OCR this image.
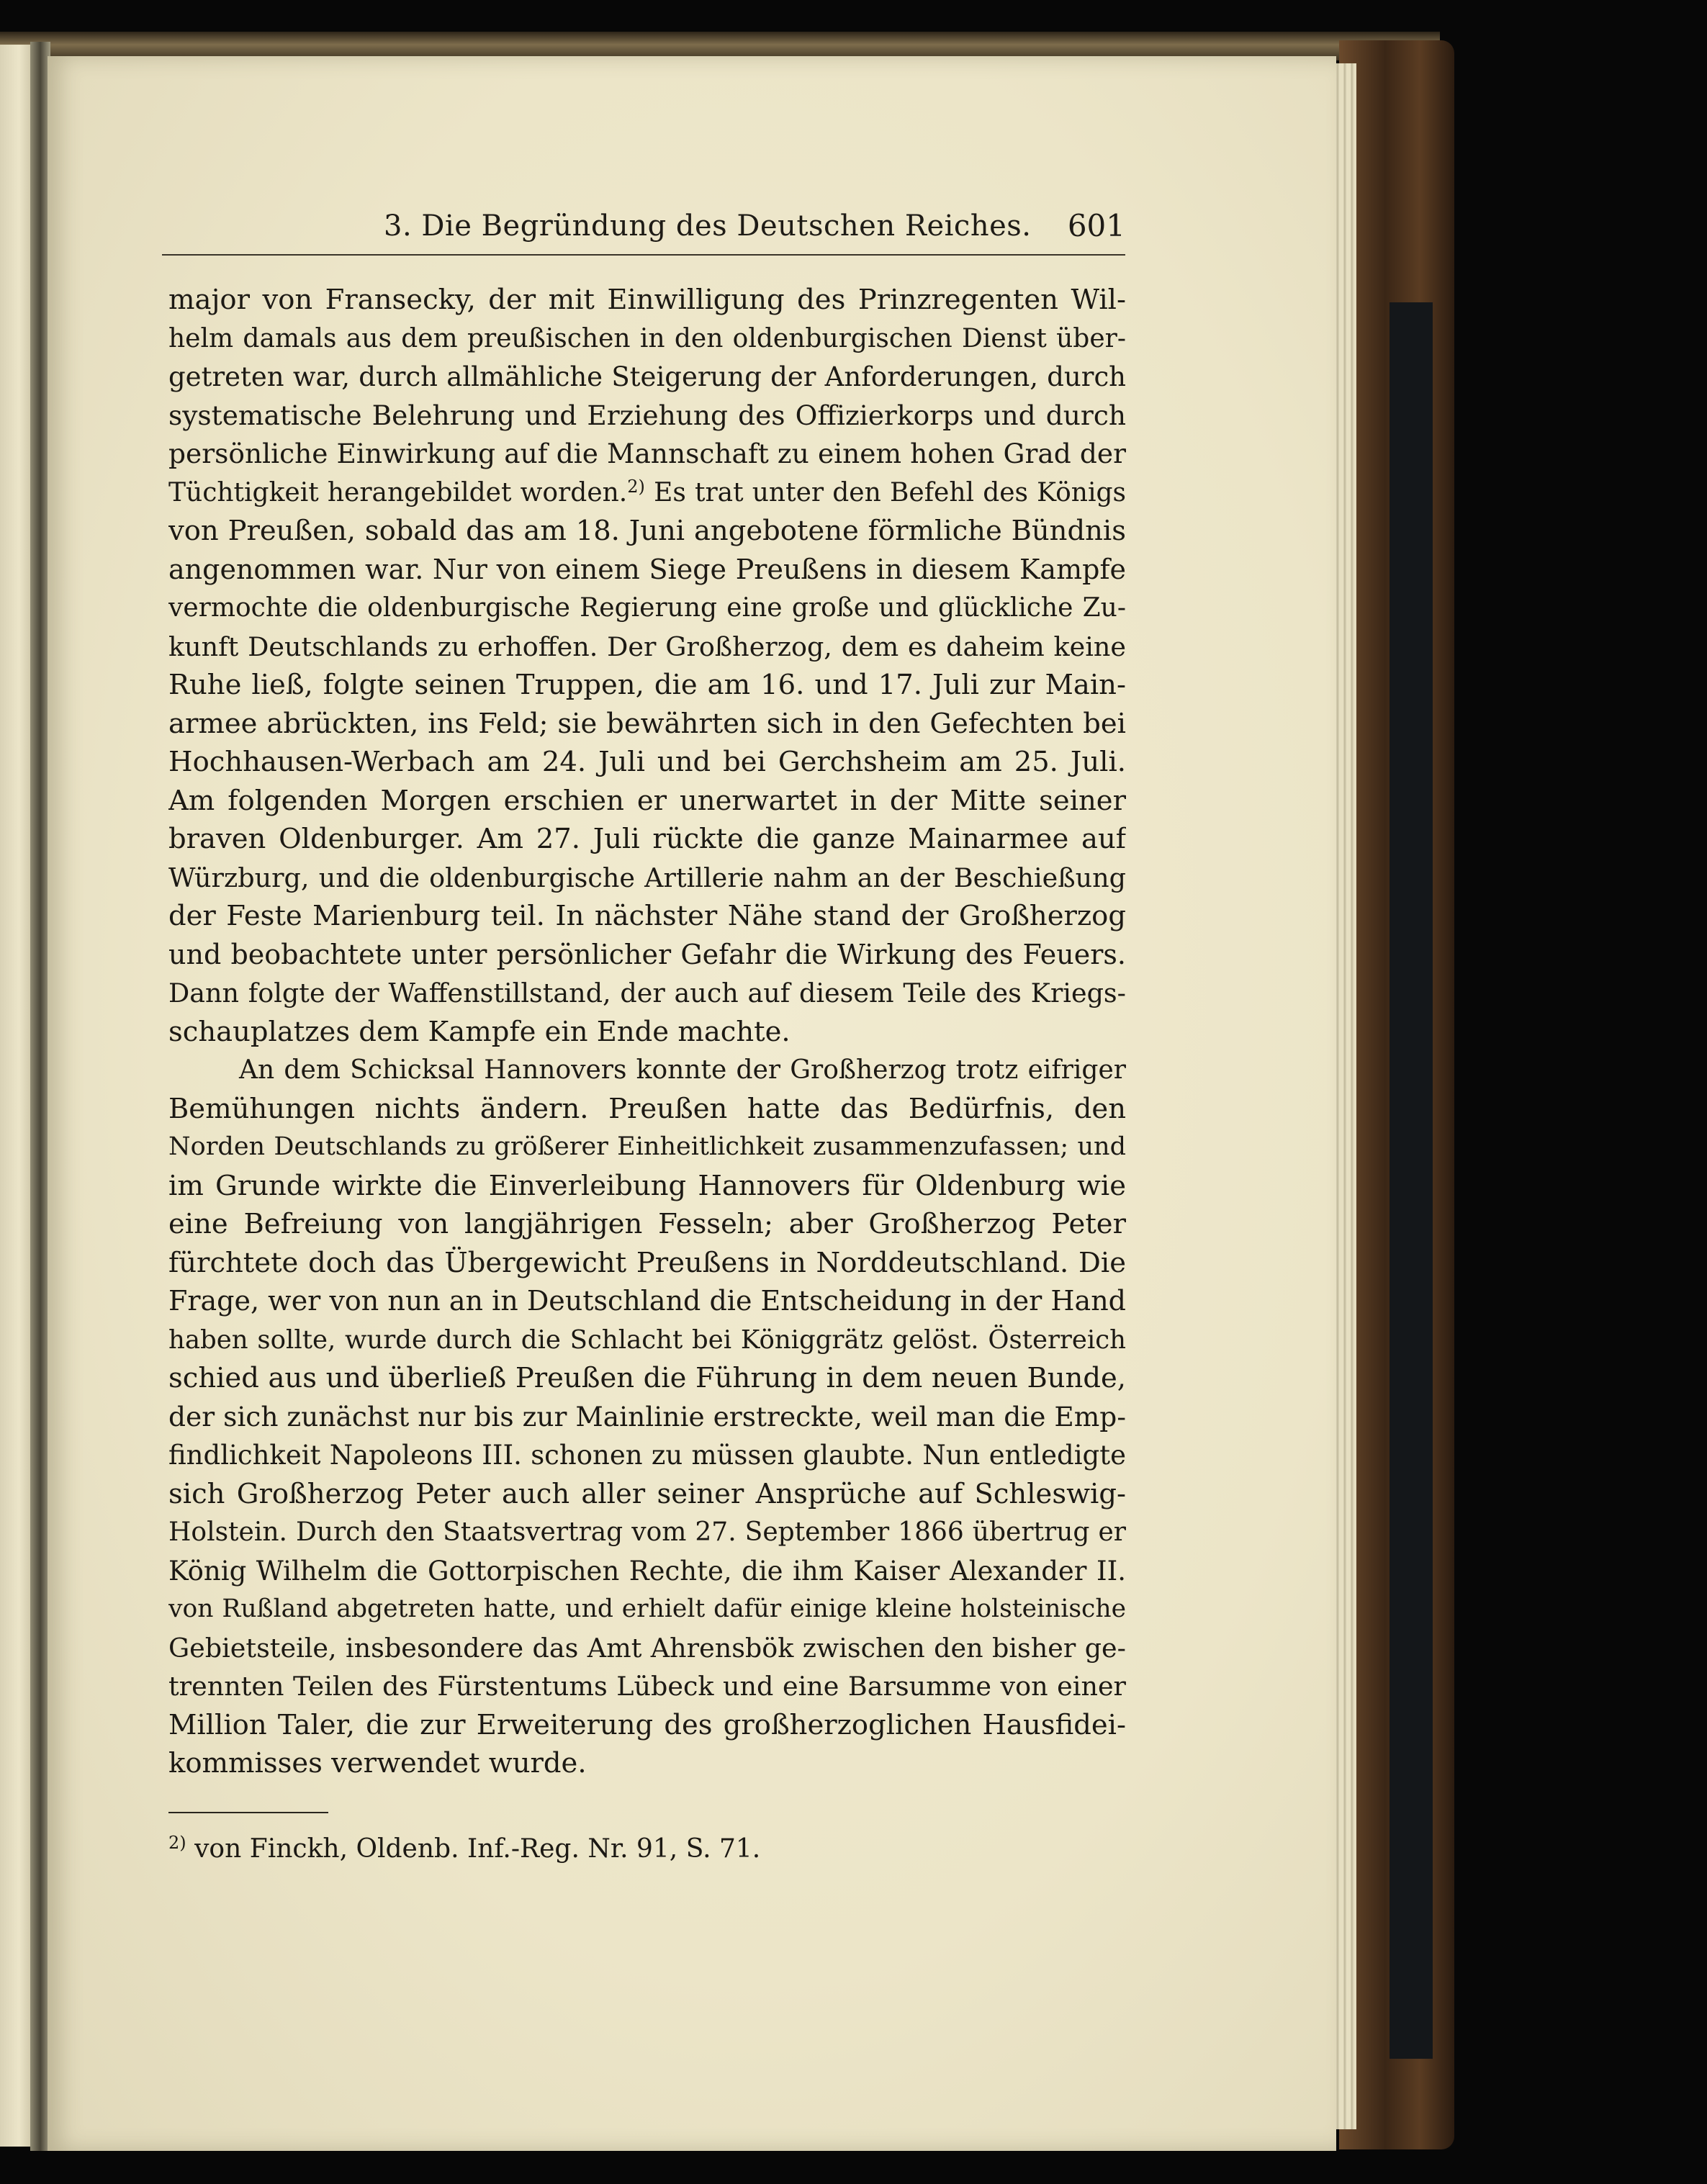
3. Die Begründung des Deutschen Reiches. 601
major von Fransecky, der mit Einwilligung des Prinzregenten Wil-
helm damals aus dem preußischen in den oldenburgischen Dienst über-
getreten war, durch allmähliche Steigerung der Anforderungen, durch
systematische Belehrung und Erziehung des Offizierkorps und durch
persönliche Einwirkung auf die Mannschaft zu einem hohen Grad der
Tüchtigkeit herangebildet worden.$^{2)}$ Es trat unter den Befehl des Königs
von Preußen, sobald das am 18. Juni angebotene förmliche Bündnis
angenommen war. Nur von einem Siege Preußens in diesem Kampfe
vermochte die oldenburgische Regierung eine große und glückliche Zu-
kunft Deutschlands zu erhoffen. Der Großherzog, dem es daheim keine
Ruhe ließ, folgte seinen Truppen, die am 16. und 17. Juli zur Main-
armee abrückten, ins Feld; sie bewährten sich in den Gefechten bei
Hochhausen-Werbach am 24. Juli und bei Gerchsheim am 25. Juli.
Am folgenden Morgen erschien er unerwartet in der Mitte seiner
braven Oldenburger. Am 27. Juli rückte die ganze Mainarmee auf
Würzburg, und die oldenburgische Artillerie nahm an der Beschießung
der Feste Marienburg teil. In nächster Nähe stand der Großherzog
und beobachtete unter persönlicher Gefahr die Wirkung des Feuers.
Dann folgte der Waffenstillstand, der auch auf diesem Teile des Kriegs-
schauplatzes dem Kampfe ein Ende machte.
An dem Schicksal Hannovers konnte der Großherzog trotz eifriger
Bemühungen nichts ändern. Preußen hatte das Bedürfnis, den
Norden Deutschlands zu größerer Einheitlichkeit zusammenzufassen; und
im Grunde wirkte die Einverleibung Hannovers für Oldenburg wie
eine Befreiung von langjährigen Fesseln; aber Großherzog Peter
fürchtete doch das Übergewicht Preußens in Norddeutschland. Die
Frage, wer von nun an in Deutschland die Entscheidung in der Hand
haben sollte, wurde durch die Schlacht bei Königgrätz gelöst. Österreich
schied aus und überließ Preußen die Führung in dem neuen Bunde,
der sich zunächst nur bis zur Mainlinie erstreckte, weil man die Emp-
findlichkeit Napoleons III. schonen zu müssen glaubte. Nun entledigte
sich Großherzog Peter auch aller seiner Ansprüche auf Schleswig-
Holstein. Durch den Staatsvertrag vom 27. September 1866 übertrug er
König Wilhelm die Gottorpischen Rechte, die ihm Kaiser Alexander II.
von Rußland abgetreten hatte, und erhielt dafür einige kleine holsteinische
Gebietsteile, insbesondere das Amt Ahrensbök zwischen den bisher ge-
trennten Teilen des Fürstentums Lübeck und eine Barsumme von einer
Million Taler, die zur Erweiterung des großherzoglichen Hausfidei-
kommisses verwendet wurde.
$^{2)}$ von Finckh, Oldenb. Inf.-Reg. Nr. 91, S. 71.
